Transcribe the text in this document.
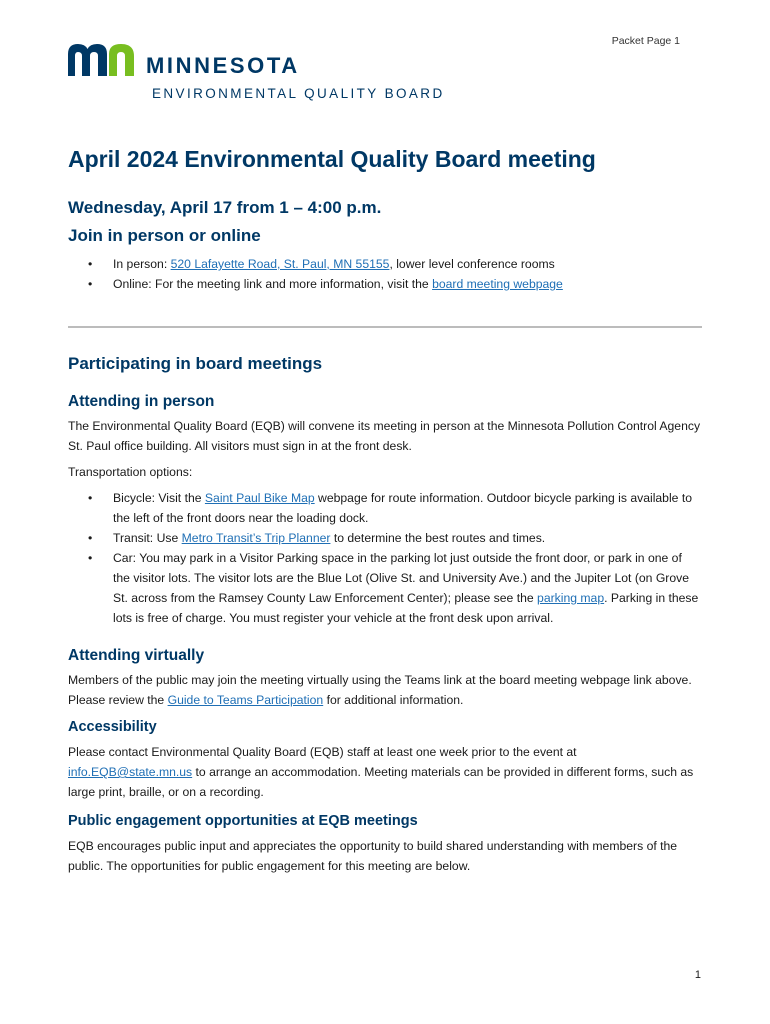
Packet Page 1
MINNESOTA
ENVIRONMENTAL QUALITY BOARD
April 2024 Environmental Quality Board meeting
Wednesday, April 17 from 1 – 4:00 p.m.
Join in person or online
• In person: 520 Lafayette Road, St. Paul, MN 55155, lower level conference rooms
• Online: For the meeting link and more information, visit the board meeting webpage
Participating in board meetings
Attending in person

The Environmental Quality Board (EQB) will convene its meeting in person at the Minnesota Pollution Control Agency St. Paul office building. All visitors must sign in at the front desk.

Transportation options:

• Bicycle: Visit the Saint Paul Bike Map webpage for route information. Outdoor bicycle parking is available to the left of the front doors near the loading dock.
• Transit: Use Metro Transit’s Trip Planner to determine the best routes and times.
• Car: You may park in a Visitor Parking space in the parking lot just outside the front door, or park in one of the visitor lots. The visitor lots are the Blue Lot (Olive St. and University Ave.) and the Jupiter Lot (on Grove St. across from the Ramsey County Law Enforcement Center); please see the parking map. Parking in these lots is free of charge. You must register your vehicle at the front desk upon arrival.
Attending virtually

Members of the public may join the meeting virtually using the Teams link at the board meeting webpage link above. Please review the Guide to Teams Participation for additional information.

Accessibility

Please contact Environmental Quality Board (EQB) staff at least one week prior to the event at info.EQB@state.mn.us to arrange an accommodation. Meeting materials can be provided in different forms, such as large print, braille, or on a recording.

Public engagement opportunities at EQB meetings

EQB encourages public input and appreciates the opportunity to build shared understanding with members of the public. The opportunities for public engagement for this meeting are below.

1
